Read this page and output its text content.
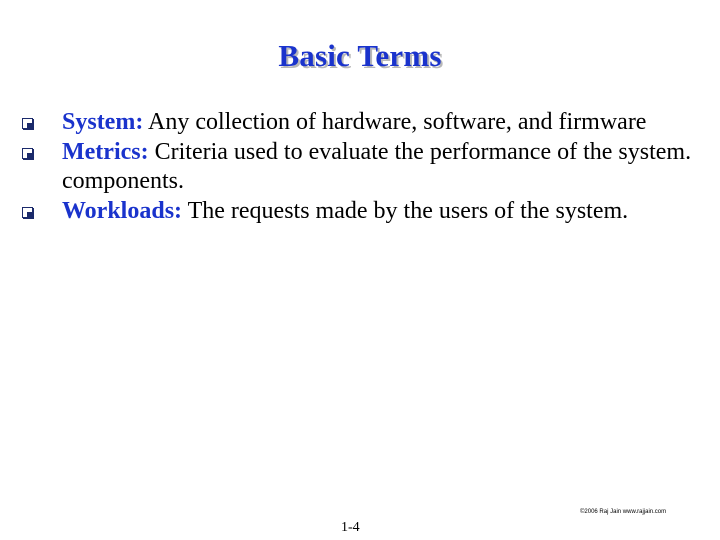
Basic Terms
System: Any collection of hardware, software, and firmware
Metrics: Criteria used to evaluate the performance of the system. components.
Workloads: The requests made by the users of the system.
©2006 Raj Jain www.rajjain.com
1-4
